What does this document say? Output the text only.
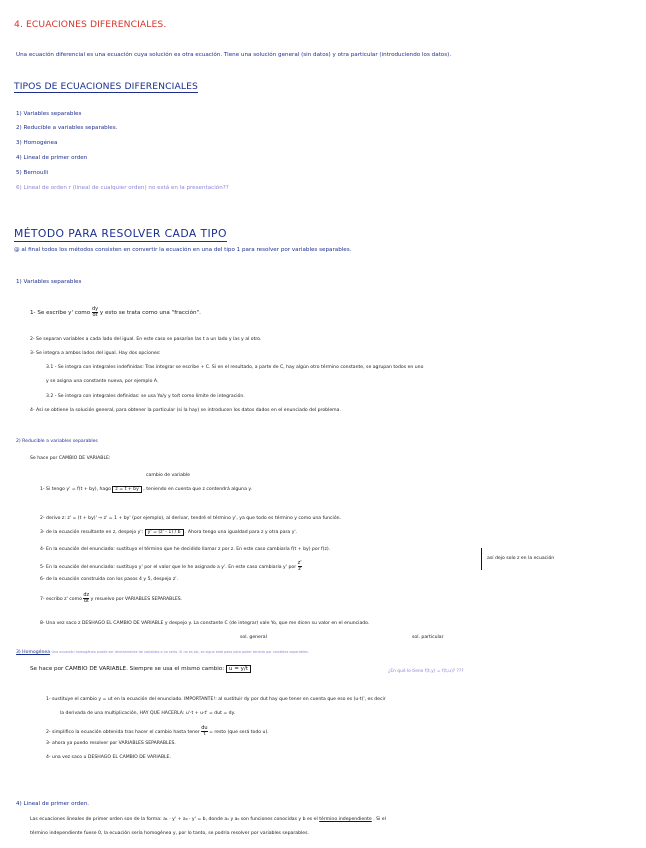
4. ECUACIONES DIFERENCIALES.
Una ecuación diferencial es una ecuación cuya solución es otra ecuación. Tiene una solución general (sin datos) y otra particular (introduciendo los datos).
TIPOS DE ECUACIONES DIFERENCIALES
1) Variables separables
2) Reducible a variables separables.
3) Homogénea
4) Lineal de primer orden
5) Bernoulli
6) Lineal de orden r (lineal de cualquier orden) no está en la presentación??
MÉTODO PARA RESOLVER CADA TIPO
@ al final todos los métodos consisten en convertir la ecuación en una del tipo 1 para resolver por variables separables.
1) Variables separables
1- Se escribe y' como $\frac{dy}{dt}$ y esto se trata como una "fracción".
2- Se separan variables a cada lado del igual. En este caso se pasarían las t a un lado y las y al otro.
3- Se integra a ambos lados del igual. Hay dos opciones:
3.1 - Se integra con integrales indefinidas: Tras integrar se escribe + C. Si en el resultado, a parte de C, hay algún otro término constante, se agrupan todos en uno
y se asigna una constante nueva, por ejemplo A.
3.2 - Se integra con integrales definidas: se usa Yo/y y to/t como límite de integración.
4- Así se obtiene la solución general, para obtener la particular (si la hay) se introducen los datos dados en el enunciado del problema.
2) Reducible a variables separables
Se hace por CAMBIO DE VARIABLE:
cambio de variable
1- Si tengo y' = f(t + by), hago z = t + by , teniendo en cuenta que z contendrá alguna y.
2- derivo z: z' = (t + by)' → z' = 1 + by' (por ejemplo), al derivar, tendré el término y', ya que todo es término y como una función.
3- de la ecuación resultante en z, despejo y': y' = (z' - 1) / b . Ahora tengo una igualdad para z y otra para y'.
4- En la ecuación del enunciado: sustituyo el término que he decidido llamar z por z. En este caso cambiaría f(t + by) por f(z).
5- En la ecuación del enunciado: sustituyo y' por el valor que le he asignado a y'. En este caso cambiaría y' por $\frac{z'}{z}$
así dejo solo z en la ecuación
6- de la ecuación construida con los pasos 4 y 5, despejo z'.
7- escribo z' como $\frac{dz}{dt}$ y resuelvo por VARIABLES SEPARABLES.
8- Una vez saco z DESHAGO EL CAMBIO DE VARIABLE y despejo y. La constante C (de integrar) vale Yo, que me dicen su valor en el enunciado.
sol. general	sol. particular
3) Homogénea Una ecuación homogénea puede ser directamente de variables o no serlo. Si no es así, se sigue este paso para poder tenerla por variables separables.
Se hace por CAMBIO DE VARIABLE. Siempre se usa el mismo cambio: u = y/t	¿En qué lo tiene f(t,y) = f(t,u)? ???
1- sustituye el cambio y = ut en la ecuación del enunciado. IMPORTANTE!: al sustituir dy por dut hay que tener en cuenta que eso es (u·t)', es decir
la derivada de una multiplicación, HAY QUE HACERLA: u'·t + u·t' = dut = dy.
2- simplifico la ecuación obtenida tras hacer el cambio hasta tener $\frac{du}{t}$ = resto (que será todo u).
3- ahora ya puedo resolver por VARIABLES SEPARABLES.
4- una vez saco u DESHAGO EL CAMBIO DE VARIABLE.
4) Lineal de primer orden.
Las ecuaciones lineales de primer orden son de la forma: a₁ · y' + a₀ · y' = b, donde a₁ y a₀ son funciones conocidas y b es el término independiente . Si el
término independiente fuese 0, la ecuación sería homogénea y, por lo tanto, se podría resolver por variables separables.
